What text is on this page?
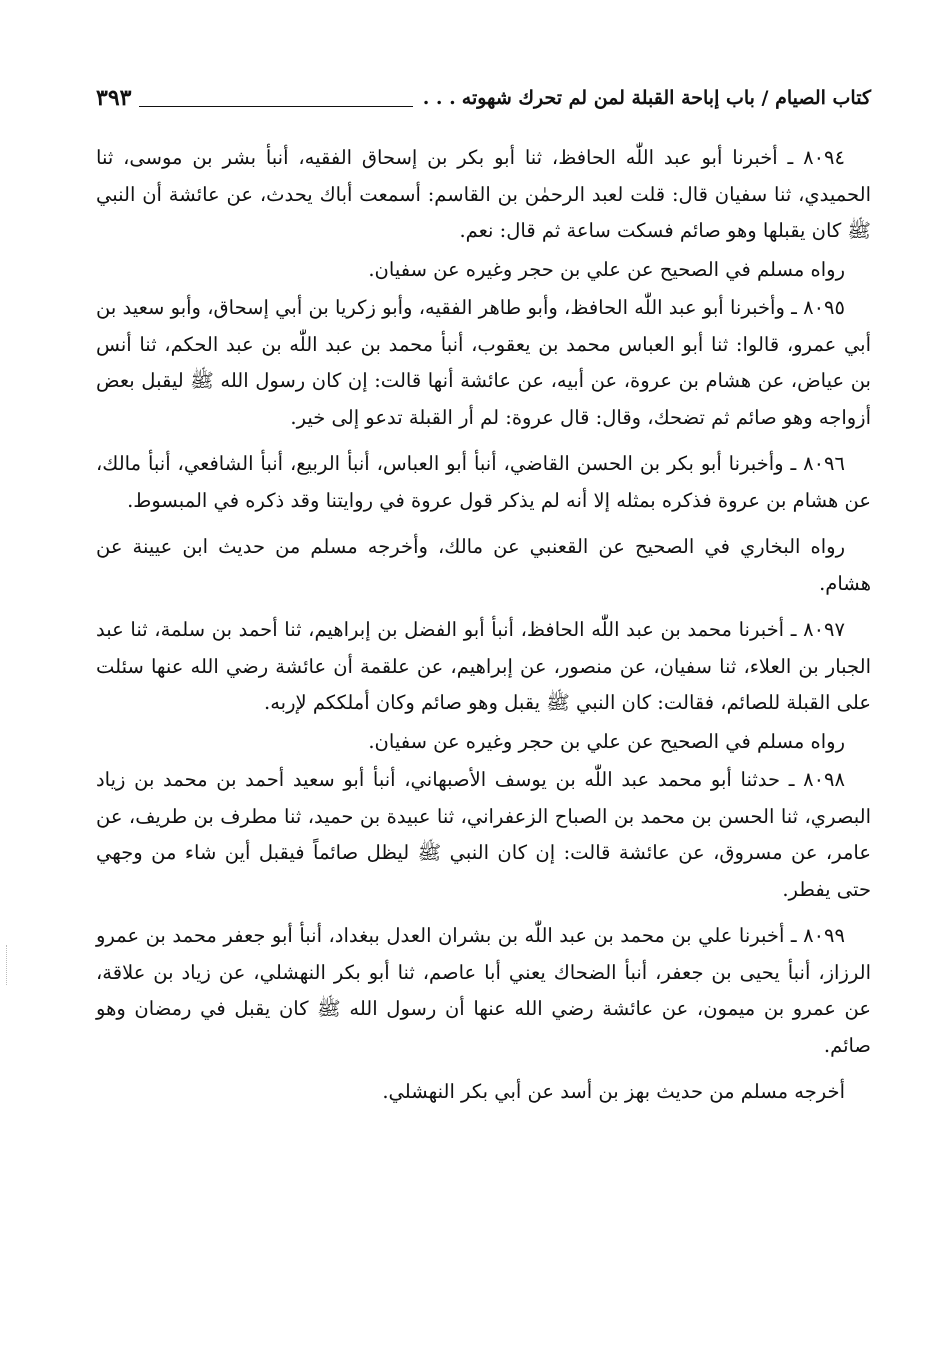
كتاب الصيام / باب إباحة القبلة لمن لم تحرك شهوته
. . .
٣٩٣

٨٠٩٤ ـ أخبرنا أبو عبد اللّٰه الحافظ، ثنا أبو بكر بن إسحاق الفقيه، أنبأ بشر بن موسى، ثنا الحميدي، ثنا سفيان قال: قلت لعبد الرحمٰن بن القاسم: أسمعت أباك يحدث، عن عائشة أن النبي ﷺ كان يقبلها وهو صائم فسكت ساعة ثم قال: نعم.

رواه مسلم في الصحيح عن علي بن حجر وغيره عن سفيان.

٨٠٩٥ ـ وأخبرنا أبو عبد اللّٰه الحافظ، وأبو طاهر الفقيه، وأبو زكريا بن أبي إسحاق، وأبو سعيد بن أبي عمرو، قالوا: ثنا أبو العباس محمد بن يعقوب، أنبأ محمد بن عبد اللّٰه بن عبد الحكم، ثنا أنس بن عياض، عن هشام بن عروة، عن أبيه، عن عائشة أنها قالت: إن كان رسول الله ﷺ ليقبل بعض أزواجه وهو صائم ثم تضحك، وقال: قال عروة: لم أر القبلة تدعو إلى خير.

٨٠٩٦ ـ وأخبرنا أبو بكر بن الحسن القاضي، أنبأ أبو العباس، أنبأ الربيع، أنبأ الشافعي، أنبأ مالك، عن هشام بن عروة فذكره بمثله إلا أنه لم يذكر قول عروة في روايتنا وقد ذكره في المبسوط.

رواه البخاري في الصحيح عن القعنبي عن مالك، وأخرجه مسلم من حديث ابن عيينة عن هشام.

٨٠٩٧ ـ أخبرنا محمد بن عبد اللّٰه الحافظ، أنبأ أبو الفضل بن إبراهيم، ثنا أحمد بن سلمة، ثنا عبد الجبار بن العلاء، ثنا سفيان، عن منصور، عن إبراهيم، عن علقمة أن عائشة رضي الله عنها سئلت على القبلة للصائم، فقالت: كان النبي ﷺ يقبل وهو صائم وكان أملككم لإربه.

رواه مسلم في الصحيح عن علي بن حجر وغيره عن سفيان.

٨٠٩٨ ـ حدثنا أبو محمد عبد اللّٰه بن يوسف الأصبهاني، أنبأ أبو سعيد أحمد بن محمد بن زياد البصري، ثنا الحسن بن محمد بن الصباح الزعفراني، ثنا عبيدة بن حميد، ثنا مطرف بن طريف، عن عامر، عن مسروق، عن عائشة قالت: إن كان النبي ﷺ ليظل صائماً فيقبل أين شاء من وجهي حتى يفطر.

٨٠٩٩ ـ أخبرنا علي بن محمد بن عبد اللّٰه بن بشران العدل ببغداد، أنبأ أبو جعفر محمد بن عمرو الرزاز، أنبأ يحيى بن جعفر، أنبأ الضحاك يعني أبا عاصم، ثنا أبو بكر النهشلي، عن زياد بن علاقة، عن عمرو بن ميمون، عن عائشة رضي الله عنها أن رسول الله ﷺ كان يقبل في رمضان وهو صائم.

أخرجه مسلم من حديث بهز بن أسد عن أبي بكر النهشلي.
